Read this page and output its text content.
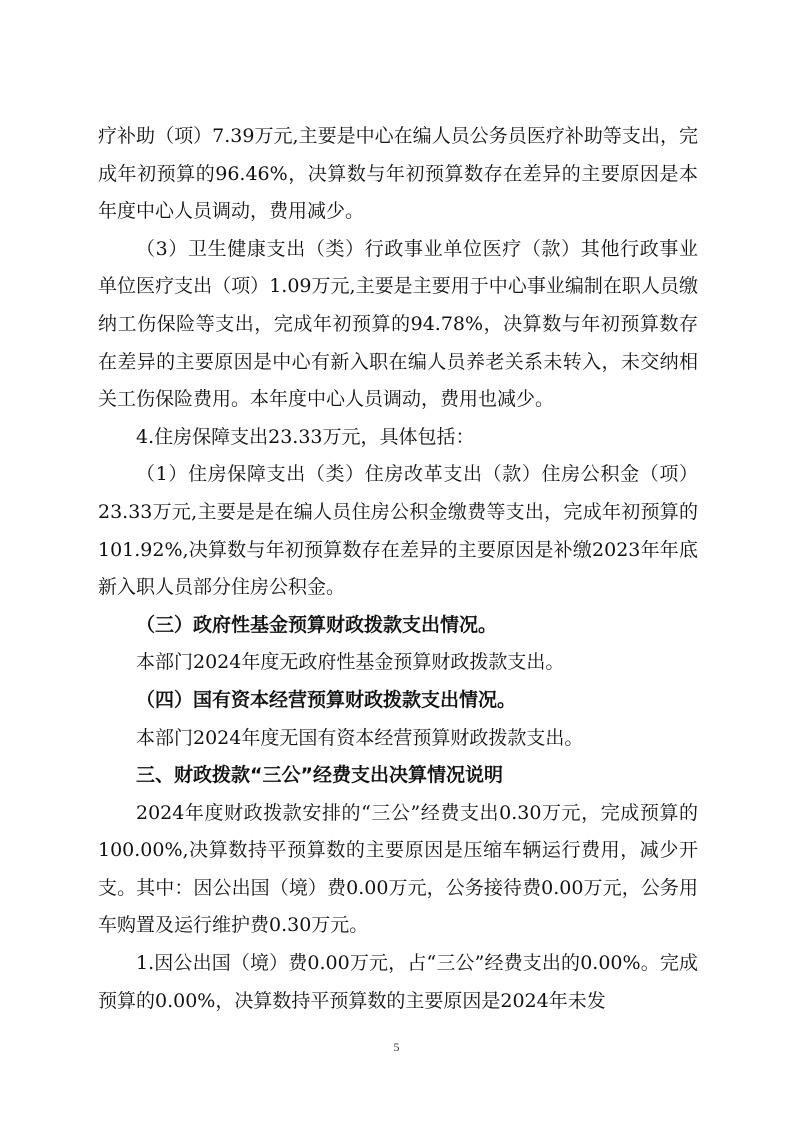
疗补助（项）7.39万元,主要是中心在编人员公务员医疗补助等支出，完成年初预算的96.46%，决算数与年初预算数存在差异的主要原因是本年度中心人员调动，费用减少。

（3）卫生健康支出（类）行政事业单位医疗（款）其他行政事业单位医疗支出（项）1.09万元,主要是主要用于中心事业编制在职人员缴纳工伤保险等支出，完成年初预算的94.78%，决算数与年初预算数存在差异的主要原因是中心有新入职在编人员养老关系未转入，未交纳相关工伤保险费用。本年度中心人员调动，费用也减少。

4.住房保障支出23.33万元，具体包括：

（1）住房保障支出（类）住房改革支出（款）住房公积金（项）23.33万元,主要是是在编人员住房公积金缴费等支出，完成年初预算的101.92%,决算数与年初预算数存在差异的主要原因是补缴2023年年底新入职人员部分住房公积金。

（三）政府性基金预算财政拨款支出情况。

本部门2024年度无政府性基金预算财政拨款支出。

（四）国有资本经营预算财政拨款支出情况。

本部门2024年度无国有资本经营预算财政拨款支出。

三、财政拨款“三公”经费支出决算情况说明

2024年度财政拨款安排的“三公”经费支出0.30万元，完成预算的100.00%,决算数持平预算数的主要原因是压缩车辆运行费用，减少开支。其中：因公出国（境）费0.00万元，公务接待费0.00万元，公务用车购置及运行维护费0.30万元。

1.因公出国（境）费0.00万元，占“三公”经费支出的0.00%。完成预算的0.00%，决算数持平预算数的主要原因是2024年未发

5
